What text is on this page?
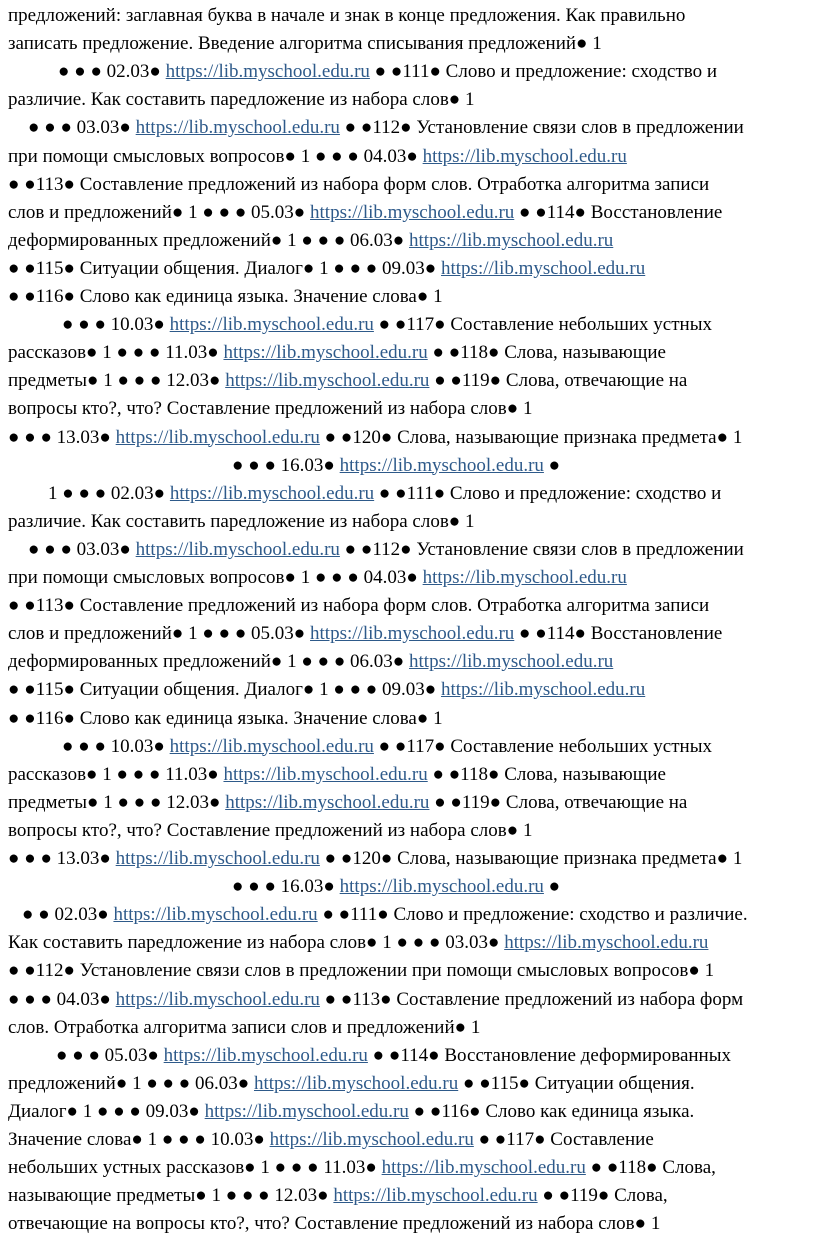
предложений: заглавная буква в начале и знак в конце предложения. Как правильно
записать предложение. Введение алгоритма списывания предложений● 1
● ● ● 02.03● https://lib.myschool.edu.ru ● ●111● Слово и предложение: сходство и
различие. Как составить паредложение из набора слов● 1
● ● ● 03.03● https://lib.myschool.edu.ru ● ●112● Установление связи слов в предложении
при помощи смысловых вопросов● 1 ● ● ● 04.03● https://lib.myschool.edu.ru
● ●113● Составление предложений из набора форм слов. Отработка алгоритма записи
слов и предложений● 1 ● ● ● 05.03● https://lib.myschool.edu.ru ● ●114● Восстановление
деформированных предложений● 1 ● ● ● 06.03● https://lib.myschool.edu.ru
● ●115● Ситуации общения. Диалог● 1 ● ● ● 09.03● https://lib.myschool.edu.ru
● ●116● Слово как единица языка. Значение слова● 1
● ● ● 10.03● https://lib.myschool.edu.ru ● ●117● Составление небольших устных
рассказов● 1 ● ● ● 11.03● https://lib.myschool.edu.ru ● ●118● Слова, называющие
предметы● 1 ● ● ● 12.03● https://lib.myschool.edu.ru ● ●119● Слова, отвечающие на
вопросы кто?, что? Составление предложений из набора слов● 1
● ● ● 13.03● https://lib.myschool.edu.ru ● ●120● Слова, называющие признака предмета● 1
● ● ● 16.03● https://lib.myschool.edu.ru ●
1 ● ● ● 02.03● https://lib.myschool.edu.ru ● ●111● Слово и предложение: сходство и
различие. Как составить паредложение из набора слов● 1
● ● ● 03.03● https://lib.myschool.edu.ru ● ●112● Установление связи слов в предложении
при помощи смысловых вопросов● 1 ● ● ● 04.03● https://lib.myschool.edu.ru
● ●113● Составление предложений из набора форм слов. Отработка алгоритма записи
слов и предложений● 1 ● ● ● 05.03● https://lib.myschool.edu.ru ● ●114● Восстановление
деформированных предложений● 1 ● ● ● 06.03● https://lib.myschool.edu.ru
● ●115● Ситуации общения. Диалог● 1 ● ● ● 09.03● https://lib.myschool.edu.ru
● ●116● Слово как единица языка. Значение слова● 1
● ● ● 10.03● https://lib.myschool.edu.ru ● ●117● Составление небольших устных
рассказов● 1 ● ● ● 11.03● https://lib.myschool.edu.ru ● ●118● Слова, называющие
предметы● 1 ● ● ● 12.03● https://lib.myschool.edu.ru ● ●119● Слова, отвечающие на
вопросы кто?, что? Составление предложений из набора слов● 1
● ● ● 13.03● https://lib.myschool.edu.ru ● ●120● Слова, называющие признака предмета● 1
● ● ● 16.03● https://lib.myschool.edu.ru ●
● ● 02.03● https://lib.myschool.edu.ru ● ●111● Слово и предложение: сходство и различие.
Как составить паредложение из набора слов● 1 ● ● ● 03.03● https://lib.myschool.edu.ru
● ●112● Установление связи слов в предложении при помощи смысловых вопросов● 1
● ● ● 04.03● https://lib.myschool.edu.ru ● ●113● Составление предложений из набора форм
слов. Отработка алгоритма записи слов и предложений● 1
● ● ● 05.03● https://lib.myschool.edu.ru ● ●114● Восстановление деформированных
предложений● 1 ● ● ● 06.03● https://lib.myschool.edu.ru ● ●115● Ситуации общения.
Диалог● 1 ● ● ● 09.03● https://lib.myschool.edu.ru ● ●116● Слово как единица языка.
Значение слова● 1 ● ● ● 10.03● https://lib.myschool.edu.ru ● ●117● Составление
небольших устных рассказов● 1 ● ● ● 11.03● https://lib.myschool.edu.ru ● ●118● Слова,
называющие предметы● 1 ● ● ● 12.03● https://lib.myschool.edu.ru ● ●119● Слова,
отвечающие на вопросы кто?, что? Составление предложений из набора слов● 1
